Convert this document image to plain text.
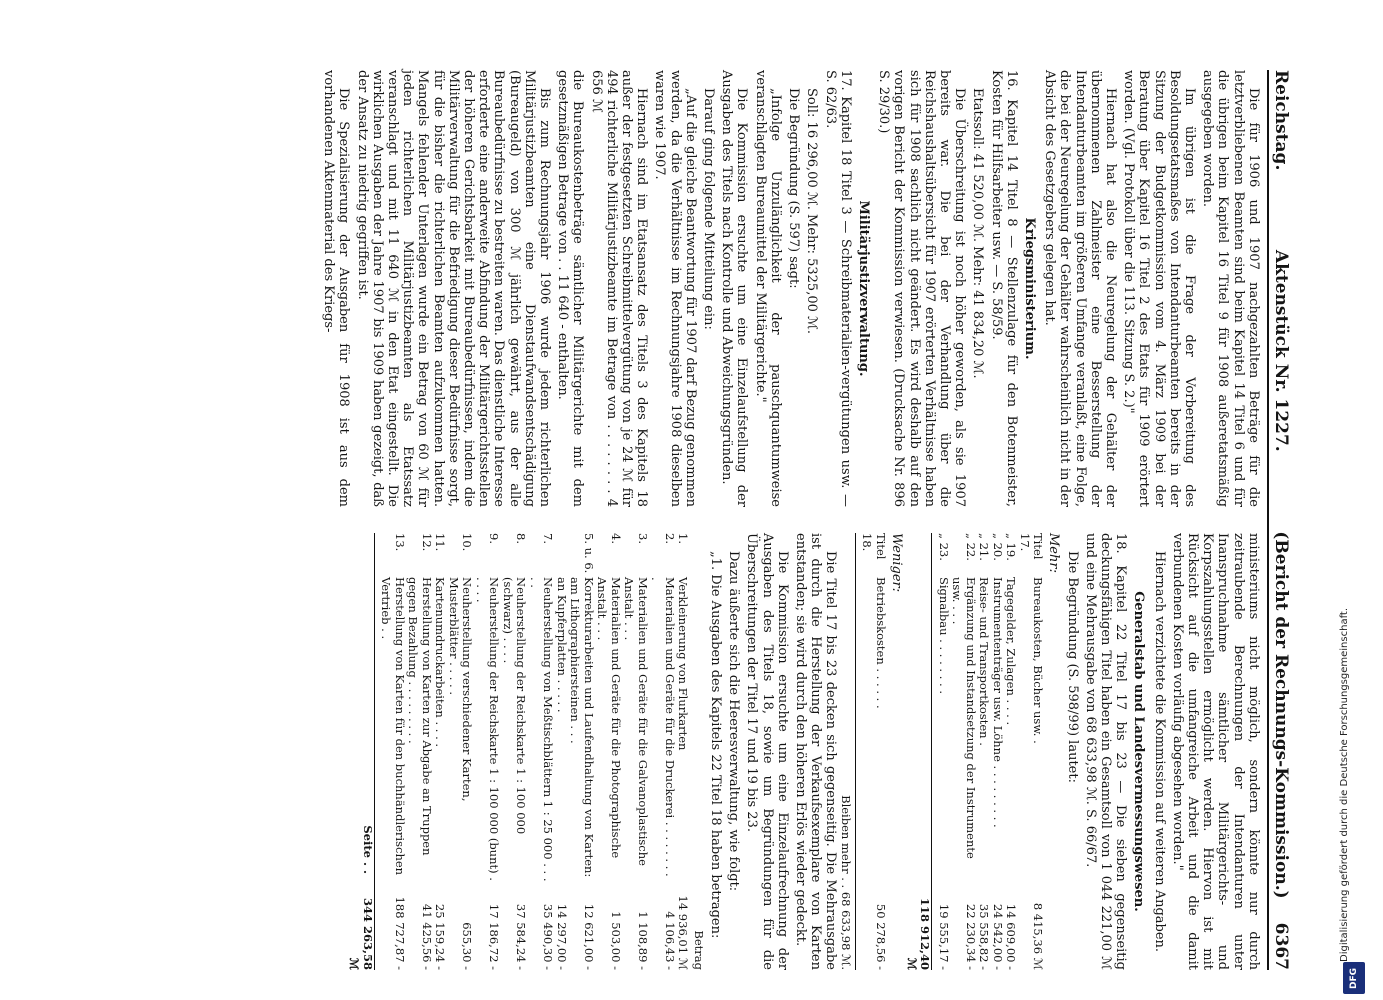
Reichstag.
Aktenstück Nr. 1227.
(Bericht der Rechnungs-Kommission.)
6367

Die für 1906 und 1907 nachgezahlten Beträge für die letztverbliebenen Beamten sind beim Kapitel 14 Titel 6 und für die übrigen beim Kapitel 16 Titel 9 für 1908 außeretatsmäßig ausgegeben worden.

Im übrigen ist die Frage der Vorbereitung des Besoldungsetatsmaßes von Intendanturbeamten bereits in der Sitzung der Budgetkommission vom 4. März 1909 bei der Beratung über Kapitel 16 Titel 2 des Etats für 1909 erörtert worden. (Vgl. Protokoll über die 113. Sitzung S. 2.)"

Hiernach hat also die Neuregelung der Gehälter der übernommenen Zahlmeister eine Besserstellung der Intendanturbeamten im größeren Umfange veranlaßt, eine Folge, die bei der Neuregelung der Gehälter wahrscheinlich nicht in der Absicht des Gesetzgebers gelegen hat.

Kriegsministerium.

16. Kapitel 14 Titel 8 — Stellenzulage für den Botenmeister, Kosten für Hilfsarbeiter usw. — S. 58/59.

Etatssoll: 41 520,00 ℳ. Mehr: 41 834,20 ℳ.

Die Überschreitung ist noch höher geworden, als sie 1907 bereits war. Die bei der Verhandlung über die Reichshaushaltsübersicht für 1907 erörterten Verhältnisse haben sich für 1908 sachlich nicht geändert. Es wird deshalb auf den vorigen Bericht der Kommission verwiesen. (Drucksache Nr. 896 S. 29/30.)

Militärjustizverwaltung.

17. Kapitel 18 Titel 3 — Schreibmaterialien-vergütungen usw. — S. 62/63.

Soll: 16 296,00 ℳ. Mehr: 5325,00 ℳ.

Die Begründung (S. 597) sagt:

„Infolge Unzulänglichkeit der pauschquantumweise veranschlagten Bureaumittel der Militärgerichte."

Die Kommission ersuchte um eine Einzelaufstellung der Ausgaben des Titels nach Kontrolle und Abweichungsgründen.

Darauf ging folgende Mitteilung ein:

„Auf die gleiche Beantwortung für 1907 darf Bezug genommen werden, da die Verhältnisse im Rechnungsjahre 1908 dieselben waren wie 1907.

Hiernach sind im Etatsansatz des Titels 3 des Kapitels 18 außer der festgesetzten Schreibmittelvergütung von je 24 ℳ für 494 richterliche Militärjustizbeamte im Betrage von . . . . . . . . 4 656 ℳ

die Bureaukostenbeträge sämtlicher Militärgerichte mit dem gesetzmäßigen Betrage von . . 11 640 - enthalten.

Bis zum Rechnungsjahr 1906 wurde jedem richterlichen Militärjustizbeamten eine Dienstaufwandsentschädigung (Bureaugeld) von 300 ℳ jährlich gewährt, aus der alle Bureaubedürfnisse zu bestreiten waren. Das dienstliche Interesse erforderte eine anderweite Abfindung der Militärgerichtsstellen der höheren Gerichtsbarkeit mit Bureaubedürfnissen, indem die Militärverwaltung für die Befriedigung dieser Bedürfnisse sorgt, für die bisher die richterlichen Beamten aufzukommen hatten. Mangels fehlender Unterlagen wurde ein Betrag von 60 ℳ für jeden richterlichen Militärjustizbeamten als Etatssatz veranschlagt und mit 11 640 ℳ in den Etat eingestellt. Die wirklichen Ausgaben der Jahre 1907 bis 1909 haben gezeigt, daß der Ansatz zu niedrig gegriffen ist.

Die Spezialisierung der Ausgaben für 1908 ist aus dem vorhandenen Aktenmaterial des Kriegs-

ministeriums nicht möglich, sondern könnte nur durch zeitraubende Berechnungen der Intendanturen unter Inanspruchnahme sämtlicher Militärgerichts- und Korpszahlungsstellen ermöglicht werden. Hiervon ist mit Rücksicht auf die umfangreiche Arbeit und die damit verbundenen Kosten vorläufig abgesehen worden."

Hiernach verzichtete die Kommission auf weiteren Angaben.

Generalstab und Landesvermessungswesen.

18. Kapitel 22 Titel 17 bis 23 — Die sieben gegenseitig deckungsfähigen Titel haben ein Gesamtsoll von 1 044 221,00 ℳ und eine Mehrausgabe von 68 633,98 ℳ. S. 66/67.

Die Begründung (S. 598/99) lautet:

Mehr:
Titel 17.
Bureaukosten, Bücher usw. .
8 415,36 ℳ
„ 19.
Tagegelder, Zulagen . . . .
14 609,00 -
„ 20.
Instrumententräger usw. Löhne . . . . . . . . .
24 542,00 -
„ 21.
Reise- und Transportkosten .
35 558,82 -
„ 22.
Ergänzung und Instandsetzung der Instrumente usw. . . .
22 230,34 -
„ 23.
Signalbau . . . . . . . .
19 555,17 -
118 912,40 ℳ
Weniger:
Titel 18.
Betriebskosten . . . . . .
50 278,56 -
Bleiben mehr . . 68 633,98 ℳ.

Die Titel 17 bis 23 decken sich gegenseitig. Die Mehrausgabe ist durch die Herstellung der Verkaufsexemplare von Karten entstanden; sie wird durch den höheren Erlös wieder gedeckt.

Die Kommission ersuchte um eine Einzelaufrechnung der Ausgaben des Titels 18, sowie um Begründungen für die Überschreitungen der Titel 17 und 19 bis 23.

Dazu äußerte sich die Heeresverwaltung, wie folgt:

„1. Die Ausgaben des Kapitels 22 Titel 18 haben betragen:

Betrag
1.
Verkleinerung von Flurkarten
14 936,01 ℳ
2.
Materialien und Geräte für die Druckerei . . . . . . . . .
4 106,43 -
3.
Materialien und Geräte für die Galvanoplastische Anstalt . . .
1 108,89 -
4.
Materialien und Geräte für die Photographische Anstalt . . .
1 503,00 -
5. u. 6.
Korrekturarbeiten und Laufendhaltung von Karten: am Lithographiersteinen . . .
12 621,00 -
an Kupferplatten . . . . .
14 297,00 -
7.
Neuherstellung von Meßtischblättern 1 : 25 000 . . . . .
35 490,30 -
8.
Neuherstellung der Reichskarte 1 : 100 000 (schwarz) . . . .
37 584,24 -
9.
Neuherstellung der Reichskarte 1 : 100 000 (bunt) . . . . .
17 186,72 -
10.
Neuherstellung verschiedener Karten, Musterblätter . . . . .
655,30 -
11.
Kartenumdruckarbeiten . . . .
25 159,24 -
12.
Herstellung von Karten zur Abgabe an Truppen gegen Bezahlung . . . . . . . . .
41 425,56 -
13.
Herstellung von Karten für den buchhändlerischen Vertrieb . .
188 727,87 -
Seite . .
344 263,58 ℳ
Digitalisierung gefördert durch die Deutsche Forschungsgemeinschaft.
DFG
